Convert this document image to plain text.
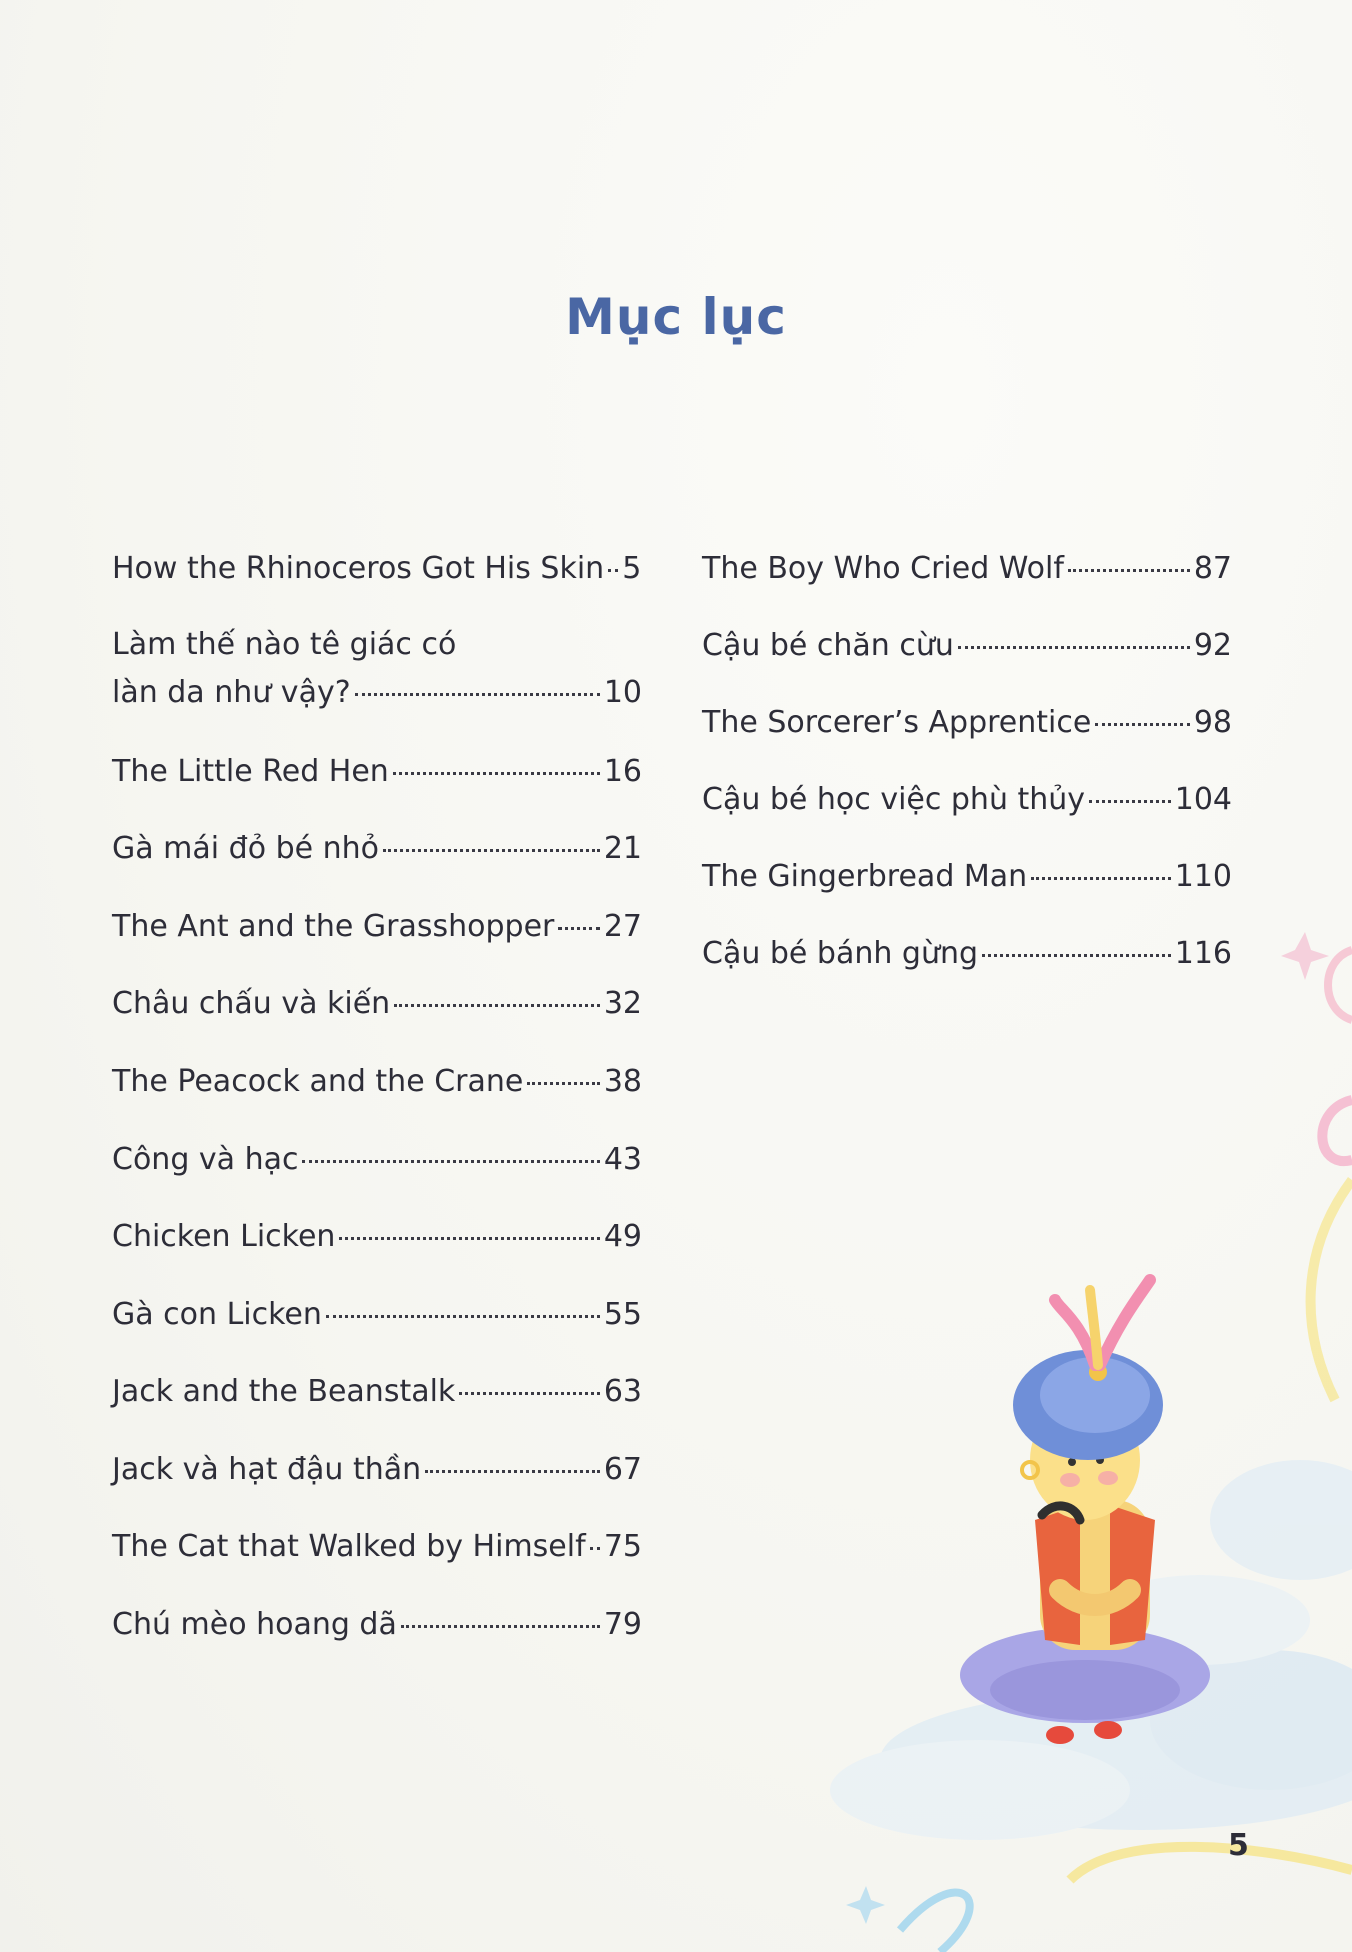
Mục lục
How the Rhinoceros Got His Skin 5
Làm thế nào tê giác có
làn da như vậy?	10
The Little Red Hen	16
Gà mái đỏ bé nhỏ	21
The Ant and the Grasshopper 27
Châu chấu và kiến	32
The Peacock and the Crane	38
Công và hạc	43
Chicken Licken	49
Gà con Licken	55
Jack and the Beanstalk	63
Jack và hạt đậu thần	67
The Cat that Walked by Himself 75
Chú mèo hoang dã	79
The Boy Who Cried Wolf	87
Cậu bé chăn cừu	92
The Sorcerer’s Apprentice	98
Cậu bé học việc phù thủy	104
The Gingerbread Man	110
Cậu bé bánh gừng	116
5
